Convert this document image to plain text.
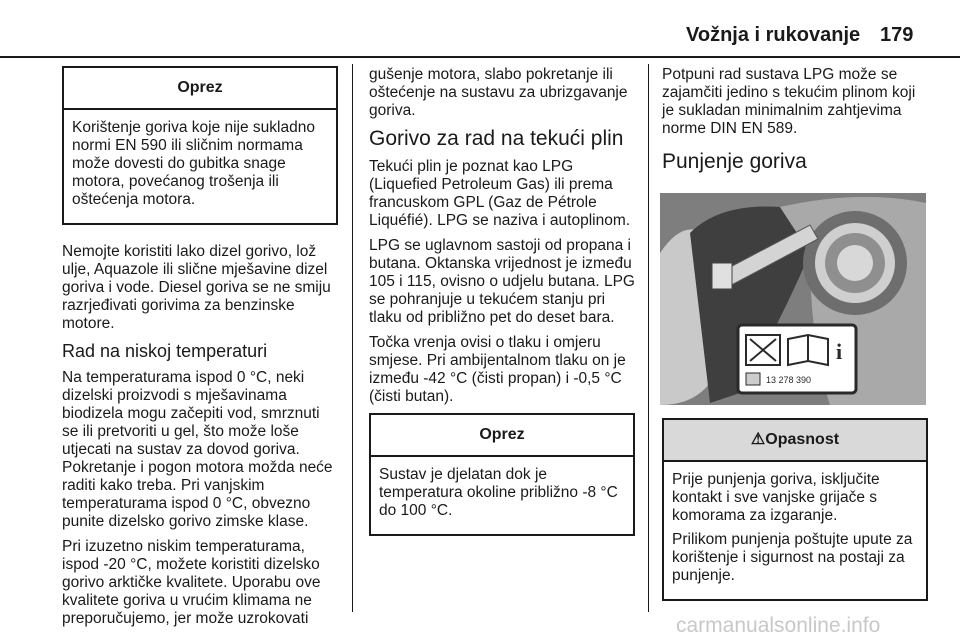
Vožnja i rukovanje 179
Oprez

Korištenje goriva koje nije sukladno normi EN 590 ili sličnim normama može dovesti do gubitka snage motora, povećanog trošenja ili oštećenja motora.

Nemojte koristiti lako dizel gorivo, lož ulje, Aquazole ili slične mješavine dizel goriva i vode. Diesel goriva se ne smiju razrjeđivati gorivima za benzinske motore.

Rad na niskoj temperaturi

Na temperaturama ispod 0 °C, neki dizelski proizvodi s mješavinama biodizela mogu začepiti vod, smrznuti se ili pretvoriti u gel, što može loše utjecati na sustav za dovod goriva. Pokretanje i pogon motora možda neće raditi kako treba. Pri vanjskim temperaturama ispod 0 °C, obvezno punite dizelsko gorivo zimske klase.

Pri izuzetno niskim temperaturama, ispod -20 °C, možete koristiti dizelsko gorivo arktičke kvalitete. Uporabu ove kvalitete goriva u vrućim klimama ne preporučujemo, jer može uzrokovati

gušenje motora, slabo pokretanje ili oštećenje na sustavu za ubrizgavanje goriva.

Gorivo za rad na tekući plin

Tekući plin je poznat kao LPG (Liquefied Petroleum Gas) ili prema francuskom GPL (Gaz de Pétrole Liquéfié). LPG se naziva i autoplinom.

LPG se uglavnom sastoji od propana i butana. Oktanska vrijednost je između 105 i 115, ovisno o udjelu butana. LPG se pohranjuje u tekućem stanju pri tlaku od približno pet do deset bara.

Točka vrenja ovisi o tlaku i omjeru smjese. Pri ambijentalnom tlaku on je između -42 °C (čisti propan) i -0,5 °C (čisti butan).

Oprez

Sustav je djelatan dok je temperatura okoline približno -8 °C do 100 °C.

Potpuni rad sustava LPG može se zajamčiti jedino s tekućim plinom koji je sukladan minimalnim zahtjevima norme DIN EN 589.

Punjenje goriva
i
13 278 390
⚠Opasnost

Prije punjenja goriva, isključite kontakt i sve vanjske grijače s komorama za izgaranje.

Prilikom punjenja poštujte upute za korištenje i sigurnost na postaji za punjenje.

carmanualsonline.info
